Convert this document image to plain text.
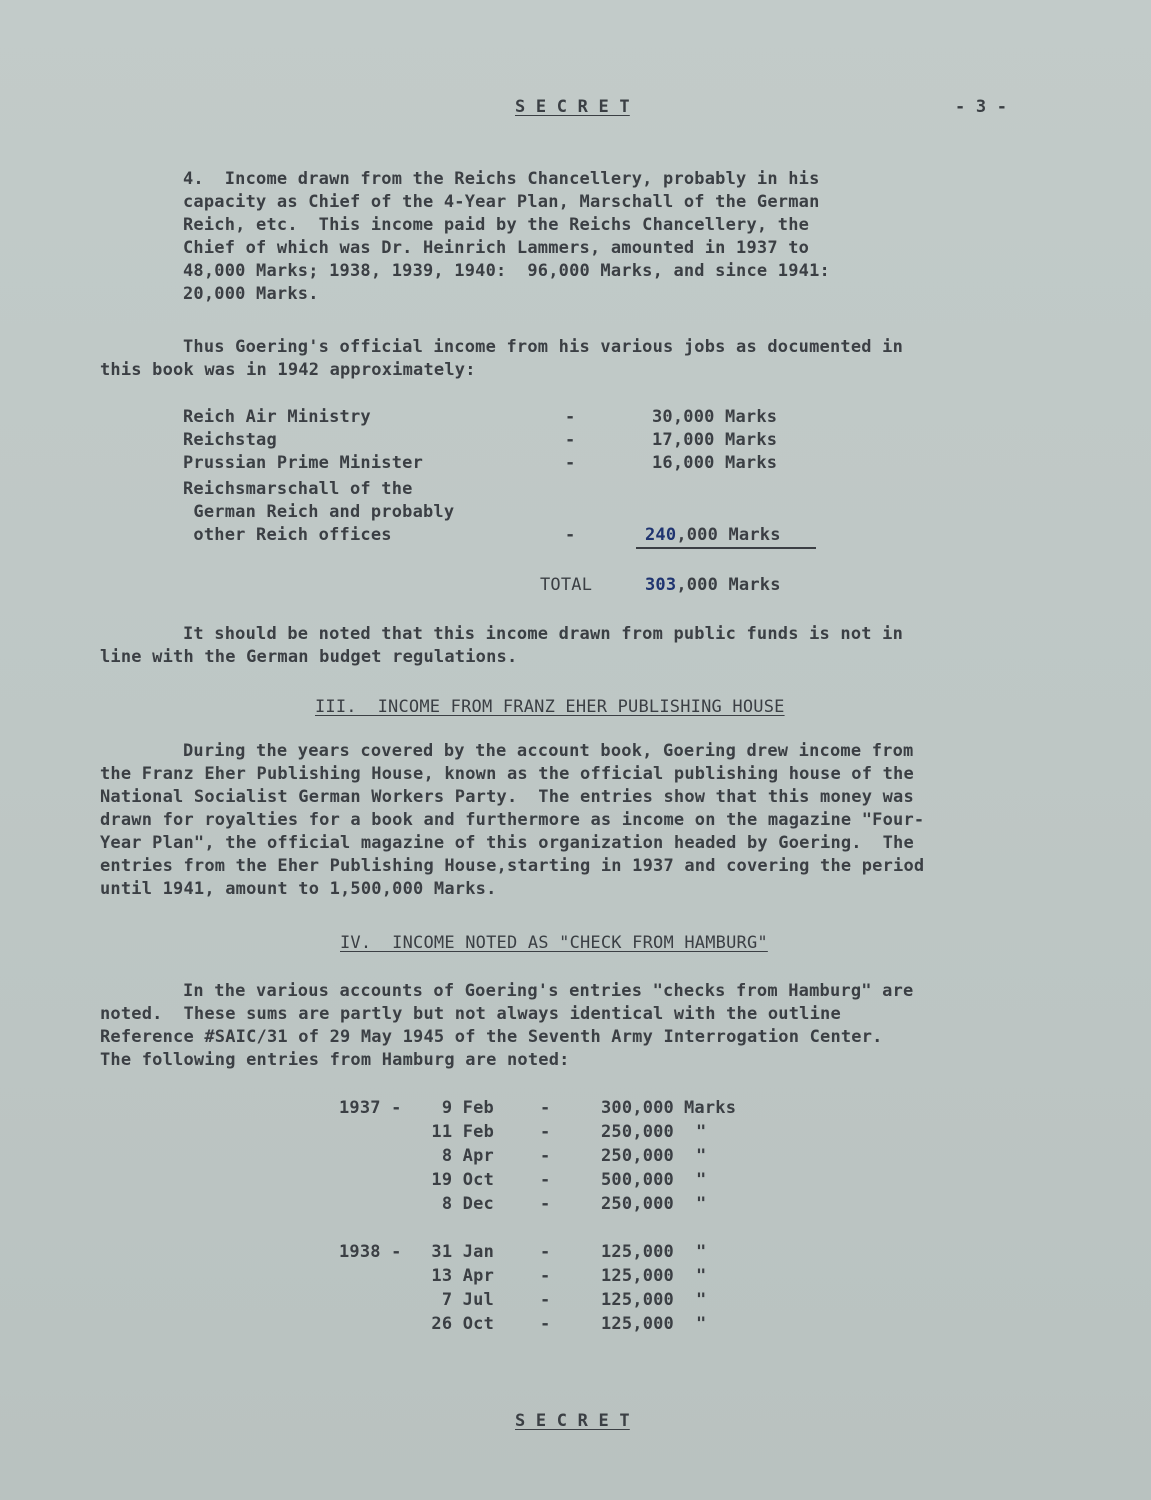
S E C R E T	- 3 -
4.  Income drawn from the Reichs Chancellery, probably in his
capacity as Chief of the 4-Year Plan, Marschall of the German
Reich, etc.  This income paid by the Reichs Chancellery, the
Chief of which was Dr. Heinrich Lammers, amounted in 1937 to
48,000 Marks; 1938, 1939, 1940:  96,000 Marks, and since 1941:
20,000 Marks.
Thus Goering's official income from his various jobs as documented in
this book was in 1942 approximately:
Reich Air Ministry	-	30,000 Marks
Reichstag	-	17,000 Marks
Prussian Prime Minister	-	16,000 Marks
Reichsmarschall of the
German Reich and probably
other Reich offices	-	240,000 Marks
TOTAL	303,000 Marks
It should be noted that this income drawn from public funds is not in
line with the German budget regulations.
III.  INCOME FROM FRANZ EHER PUBLISHING HOUSE
During the years covered by the account book, Goering drew income from
the Franz Eher Publishing House, known as the official publishing house of the
National Socialist German Workers Party.  The entries show that this money was
drawn for royalties for a book and furthermore as income on the magazine "Four-
Year Plan", the official magazine of this organization headed by Goering.  The
entries from the Eher Publishing House,starting in 1937 and covering the period
until 1941, amount to 1,500,000 Marks.
IV.  INCOME NOTED AS "CHECK FROM HAMBURG"
In the various accounts of Goering's entries "checks from Hamburg" are
noted.  These sums are partly but not always identical with the outline
Reference #SAIC/31 of 29 May 1945 of the Seventh Army Interrogation Center.
The following entries from Hamburg are noted:
1937 -	9 Feb	-	300,000 Marks
11 Feb	-	250,000 "
8 Apr	-	250,000 "
19 Oct	-	500,000 "
8 Dec	-	250,000 "
1938 -	31 Jan	-	125,000 "
13 Apr	-	125,000 "
7 Jul	-	125,000 "
26 Oct	-	125,000 "
S E C R E T
